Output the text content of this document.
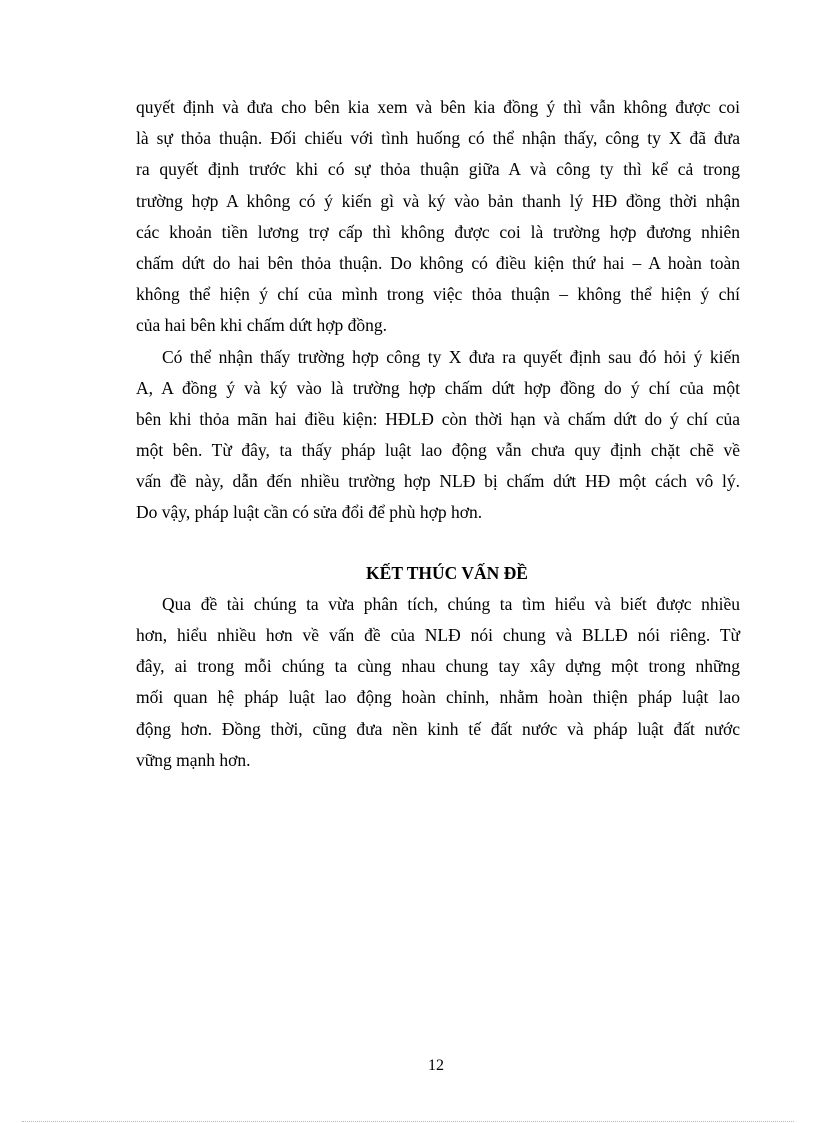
quyết định và đưa cho bên kia xem và bên kia đồng ý thì vẫn không được coi
là sự thỏa thuận. Đối chiếu với tình huống có thể nhận thấy, công ty X đã đưa
ra quyết định trước khi có sự thỏa thuận giữa A và công ty thì kể cả trong
trường hợp A không có ý kiến gì và ký vào bản thanh lý HĐ đồng thời nhận
các khoản tiền lương trợ cấp thì không được coi là trường hợp đương nhiên
chấm dứt do hai bên thỏa thuận. Do không có điều kiện thứ hai – A hoàn toàn
không thể hiện ý chí của mình trong việc thỏa thuận – không thể hiện ý chí
của hai bên khi chấm dứt hợp đồng.
Có thể nhận thấy trường hợp công ty X đưa ra quyết định sau đó hỏi ý kiến
A, A đồng ý và ký vào là trường hợp chấm dứt hợp đồng do ý chí của một
bên khi thỏa mãn hai điều kiện: HĐLĐ còn thời hạn và chấm dứt do ý chí của
một bên. Từ đây, ta thấy pháp luật lao động vẫn chưa quy định chặt chẽ về
vấn đề này, dẫn đến nhiều trường hợp NLĐ bị chấm dứt HĐ một cách vô lý.
Do vậy, pháp luật cần có sửa đổi để phù hợp hơn.
KẾT THÚC VẤN ĐỀ
Qua đề tài chúng ta vừa phân tích, chúng ta tìm hiểu và biết được nhiều
hơn, hiểu nhiều hơn về vấn đề của NLĐ nói chung và BLLĐ nói riêng. Từ
đây, ai trong mỗi chúng ta cùng nhau chung tay xây dựng một trong những
mối quan hệ pháp luật lao động hoàn chỉnh, nhằm hoàn thiện pháp luật lao
động hơn. Đồng thời, cũng đưa nền kinh tế đất nước và pháp luật đất nước
vững mạnh hơn.
12
